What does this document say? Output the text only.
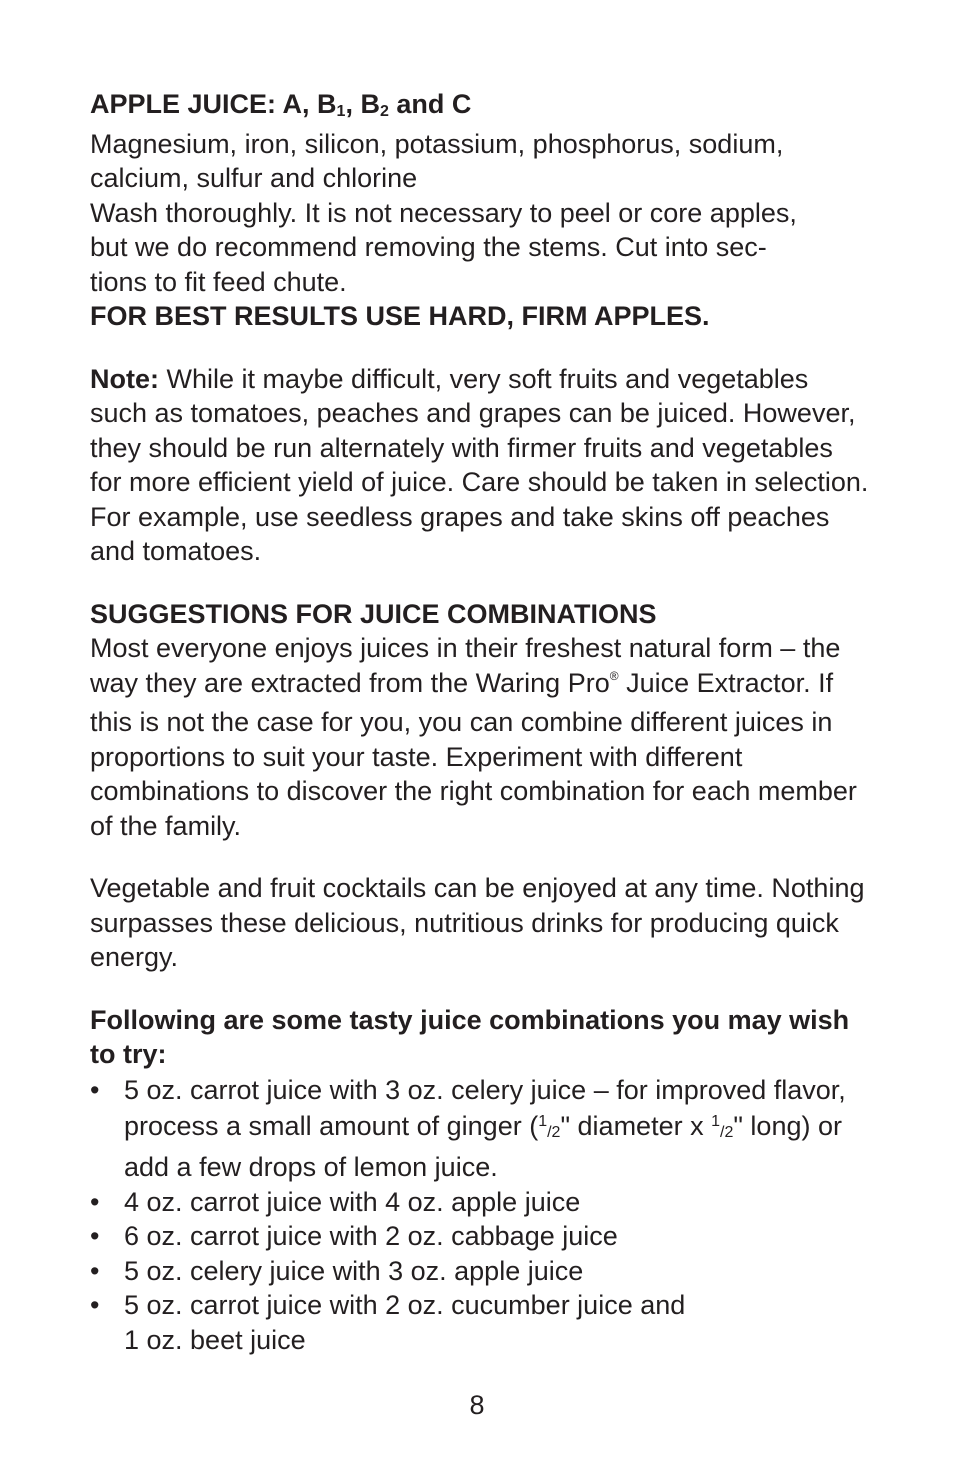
APPLE JUICE: A, B1, B2 and C

Magnesium, iron, silicon, potassium, phosphorus, sodium, calcium, sulfur and chlorine

Wash thoroughly. It is not necessary to peel or core apples,
but we do recommend removing the stems. Cut into sec-
tions to fit feed chute.

FOR BEST RESULTS USE HARD, FIRM APPLES.

Note: While it maybe difficult, very soft fruits and vegetables such as tomatoes, peaches and grapes can be juiced. However, they should be run alternately with firmer fruits and vegetables for more efficient yield of juice. Care should be taken in selection. For example, use seedless grapes and take skins off peaches and tomatoes.

SUGGESTIONS FOR JUICE COMBINATIONS

Most everyone enjoys juices in their freshest natural form – the way they are extracted from the Waring Pro® Juice Extractor. If this is not the case for you, you can combine different juices in proportions to suit your taste. Experiment with different combinations to discover the right combination for each member of the family.

Vegetable and fruit cocktails can be enjoyed at any time. Nothing surpasses these delicious, nutritious drinks for producing quick energy.

Following are some tasty juice combinations you may wish to try:

• 5 oz. carrot juice with 3 oz. celery juice – for improved flavor, process a small amount of ginger ($^1$/2" diameter x $^1$/2" long) or add a few drops of lemon juice.
• 4 oz. carrot juice with 4 oz. apple juice
• 6 oz. carrot juice with 2 oz. cabbage juice
• 5 oz. celery juice with 3 oz. apple juice
• 5 oz. carrot juice with 2 oz. cucumber juice and
1 oz. beet juice
8
